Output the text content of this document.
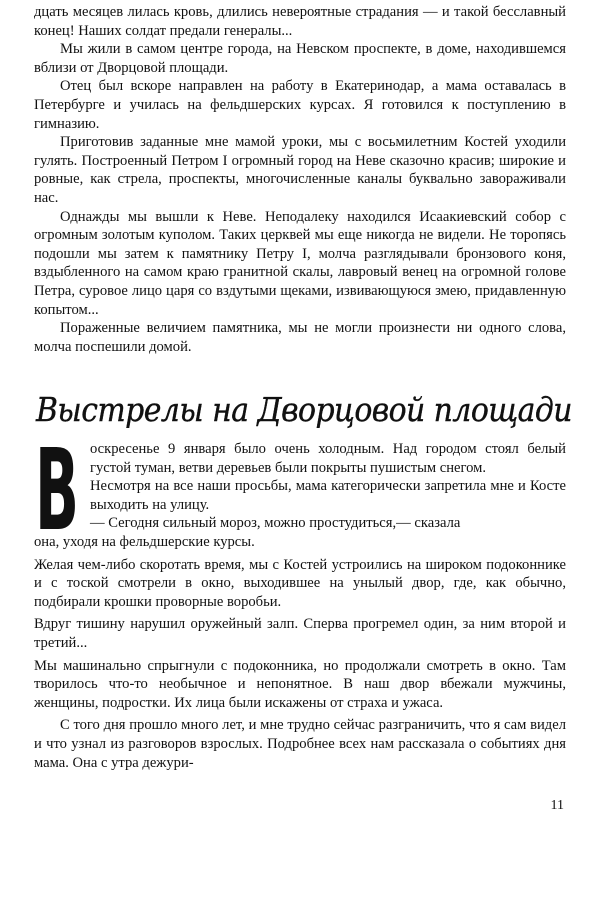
дцать месяцев лилась кровь, длились невероятные страдания — и такой бесславный конец! Наших солдат предали генералы...

Мы жили в самом центре города, на Невском проспекте, в доме, находившемся вблизи от Дворцовой площади.

Отец был вскоре направлен на работу в Екатеринодар, а мама оставалась в Петербурге и училась на фельдшерских курсах. Я готовился к поступлению в гимназию.

Приготовив заданные мне мамой уроки, мы с восьмилетним Костей уходили гулять. Построенный Петром I огромный город на Неве сказочно красив; широкие и ровные, как стрела, проспекты, многочисленные каналы буквально завораживали нас.

Однажды мы вышли к Неве. Неподалеку находился Исаакиевский собор с огромным золотым куполом. Таких церквей мы еще никогда не видели. Не торопясь подошли мы затем к памятнику Петру I, молча разглядывали бронзового коня, вздыбленного на самом краю гранитной скалы, лавровый венец на огромной голове Петра, суровое лицо царя со вздутыми щеками, извивающуюся змею, придавленную копытом...

Пораженные величием памятника, мы не могли произнести ни одного слова, молча поспешили домой.

Выстрелы на Дворцовой площади
В оскресенье 9 января было очень холодным. Над городом стоял белый густой туман, ветви деревьев были покрыты пушистым снегом.

Несмотря на все наши просьбы, мама категорически запретила мне и Косте выходить на улицу.

— Сегодня сильный мороз, можно простудиться,— сказала

она, уходя на фельдшерские курсы.

Желая чем-либо скоротать время, мы с Костей устроились на широком подоконнике и с тоской смотрели в окно, выходившее на унылый двор, где, как обычно, подбирали крошки проворные воробьи.

Вдруг тишину нарушил оружейный залп. Сперва прогремел один, за ним второй и третий...

Мы машинально спрыгнули с подоконника, но продолжали смотреть в окно. Там творилось что-то необычное и непонятное. В наш двор вбежали мужчины, женщины, подростки. Их лица были искажены от страха и ужаса.

С того дня прошло много лет, и мне трудно сейчас разграничить, что я сам видел и что узнал из разговоров взрослых. Подробнее всех нам рассказала о событиях дня мама. Она с утра дежури-

11
